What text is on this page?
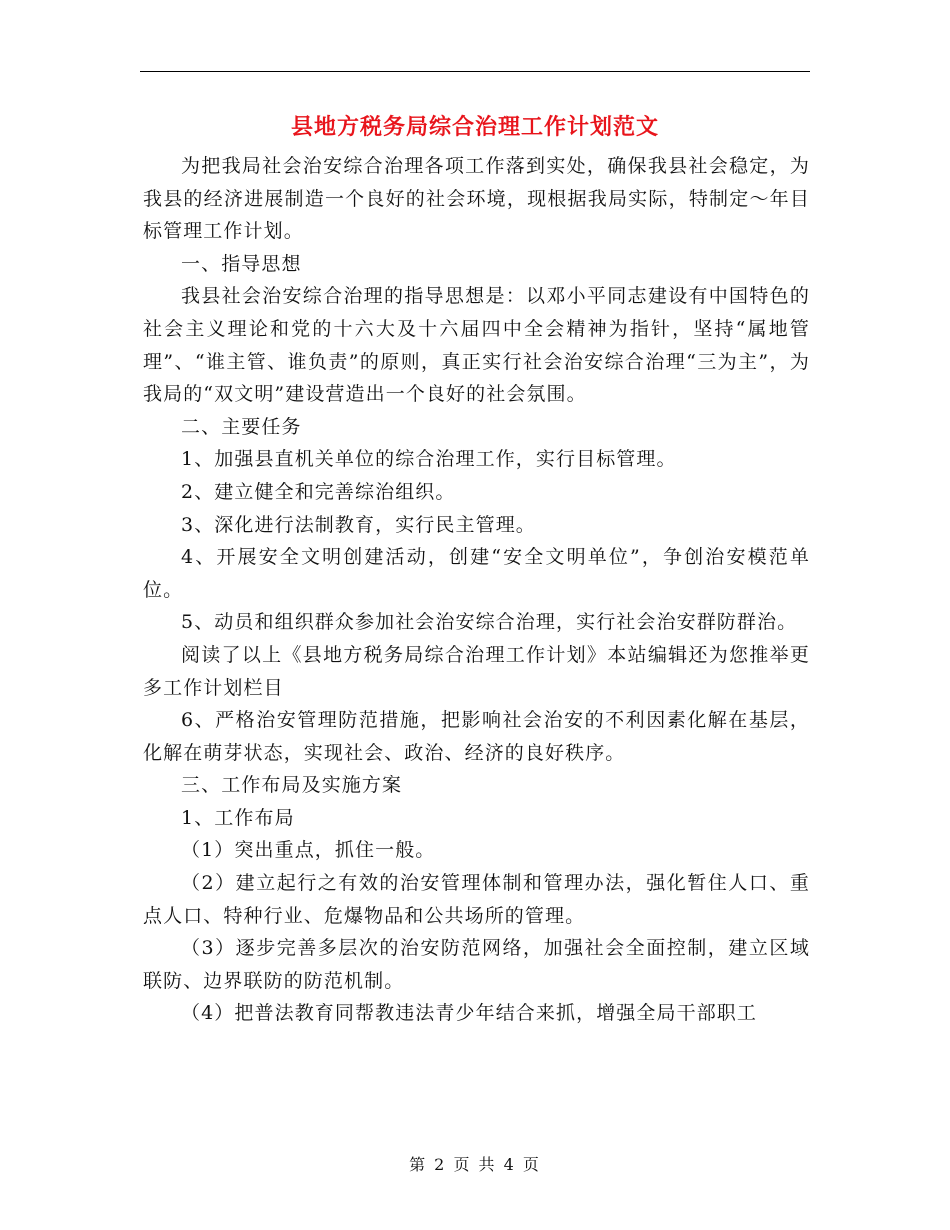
县地方税务局综合治理工作计划范文

为把我局社会治安综合治理各项工作落到实处，确保我县社会稳定，为我县的经济进展制造一个良好的社会环境，现根据我局实际，特制定～年目标管理工作计划。

一、指导思想

我县社会治安综合治理的指导思想是：以邓小平同志建设有中国特色的社会主义理论和党的十六大及十六届四中全会精神为指针，坚持“属地管理”、“谁主管、谁负责”的原则，真正实行社会治安综合治理“三为主”，为我局的“双文明”建设营造出一个良好的社会氛围。

二、主要任务

1、加强县直机关单位的综合治理工作，实行目标管理。

2、建立健全和完善综治组织。

3、深化进行法制教育，实行民主管理。

4、开展安全文明创建活动，创建“安全文明单位”，争创治安模范单位。

5、动员和组织群众参加社会治安综合治理，实行社会治安群防群治。

阅读了以上《县地方税务局综合治理工作计划》本站编辑还为您推举更多工作计划栏目

6、严格治安管理防范措施，把影响社会治安的不利因素化解在基层，化解在萌芽状态，实现社会、政治、经济的良好秩序。

三、工作布局及实施方案

1、工作布局

（1）突出重点，抓住一般。

（2）建立起行之有效的治安管理体制和管理办法，强化暂住人口、重点人口、特种行业、危爆物品和公共场所的管理。

（3）逐步完善多层次的治安防范网络，加强社会全面控制，建立区域联防、边界联防的防范机制。

（4）把普法教育同帮教违法青少年结合来抓，增强全局干部职工

第 2 页 共 4 页
